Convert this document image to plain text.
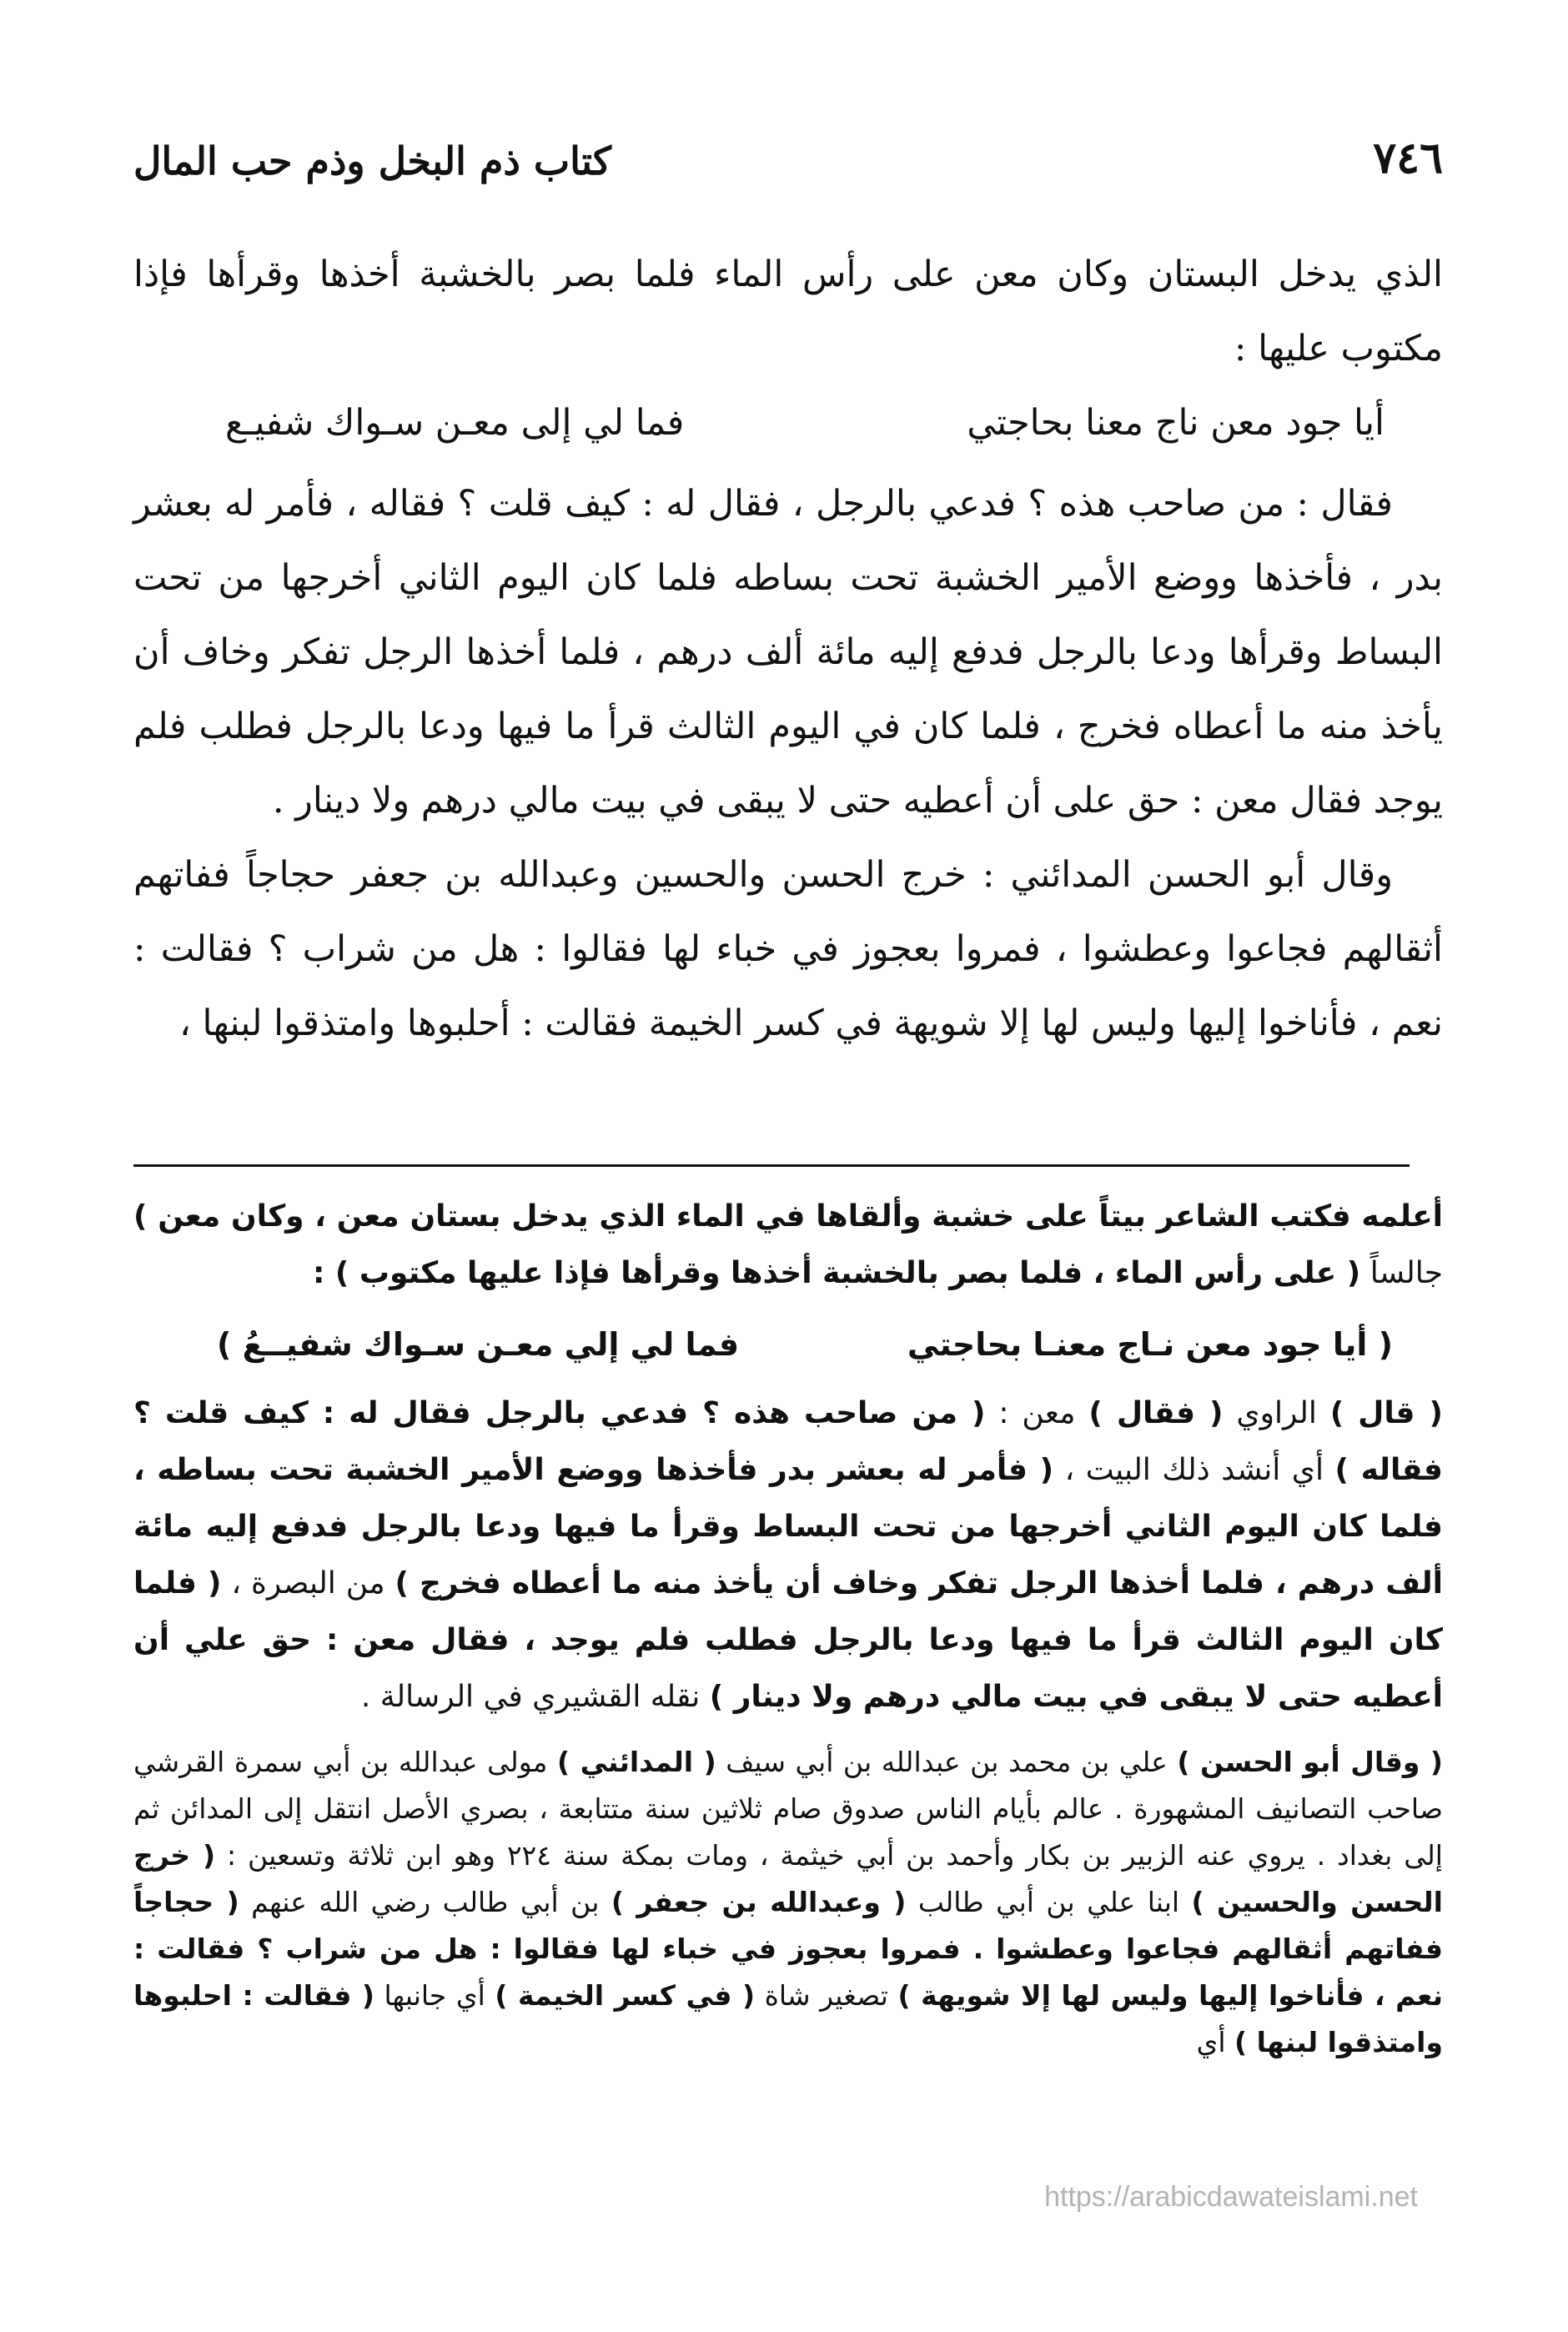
٧٤٦
كتاب ذم البخل وذم حب المال

الذي يدخل البستان وكان معن على رأس الماء فلما بصر بالخشبة أخذها وقرأها فإذا مكتوب عليها :

أيا جود معن ناج معنا بحاجتي
فما لي إلى معـن سـواك شفيـع

فقال : من صاحب هذه ؟ فدعي بالرجل ، فقال له : كيف قلت ؟ فقاله ، فأمر له بعشر بدر ، فأخذها ووضع الأمير الخشبة تحت بساطه فلما كان اليوم الثاني أخرجها من تحت البساط وقرأها ودعا بالرجل فدفع إليه مائة ألف درهم ، فلما أخذها الرجل تفكر وخاف أن يأخذ منه ما أعطاه فخرج ، فلما كان في اليوم الثالث قرأ ما فيها ودعا بالرجل فطلب فلم يوجد فقال معن : حق على أن أعطيه حتى لا يبقى في بيت مالي درهم ولا دينار .

وقال أبو الحسن المدائني : خرج الحسن والحسين وعبدالله بن جعفر حجاجاً ففاتهم أثقالهم فجاعوا وعطشوا ، فمروا بعجوز في خباء لها فقالوا : هل من شراب ؟ فقالت : نعم ، فأناخوا إليها وليس لها إلا شويهة في كسر الخيمة فقالت : أحلبوها وامتذقوا لبنها ،

أعلمه فكتب الشاعر بيتاً على خشبة وألقاها في الماء الذي يدخل بستان معن ، وكان معن ) جالساً ( على رأس الماء ، فلما بصر بالخشبة أخذها وقرأها فإذا عليها مكتوب ) :

( أيا جود معن نـاج معنـا بحاجتي
فما لي إلي معـن سـواك شفيــعُ )

( قال ) الراوي ( فقال ) معن : ( من صاحب هذه ؟ فدعي بالرجل فقال له : كيف قلت ؟ فقاله ) أي أنشد ذلك البيت ، ( فأمر له بعشر بدر فأخذها ووضع الأمير الخشبة تحت بساطه ، فلما كان اليوم الثاني أخرجها من تحت البساط وقرأ ما فيها ودعا بالرجل فدفع إليه مائة ألف درهم ، فلما أخذها الرجل تفكر وخاف أن يأخذ منه ما أعطاه فخرج ) من البصرة ، ( فلما كان اليوم الثالث قرأ ما فيها ودعا بالرجل فطلب فلم يوجد ، فقال معن : حق علي أن أعطيه حتى لا يبقى في بيت مالي درهم ولا دينار ) نقله القشيري في الرسالة .

( وقال أبو الحسن ) علي بن محمد بن عبدالله بن أبي سيف ( المدائني ) مولى عبدالله بن أبي سمرة القرشي صاحب التصانيف المشهورة . عالم بأيام الناس صدوق صام ثلاثين سنة متتابعة ، بصري الأصل انتقل إلى المدائن ثم إلى بغداد . يروي عنه الزبير بن بكار وأحمد بن أبي خيثمة ، ومات بمكة سنة ٢٢٤ وهو ابن ثلاثة وتسعين : ( خرج الحسن والحسين ) ابنا علي بن أبي طالب ( وعبدالله بن جعفر ) بن أبي طالب رضي الله عنهم ( حجاجاً ففاتهم أثقالهم فجاعوا وعطشوا . فمروا بعجوز في خباء لها فقالوا : هل من شراب ؟ فقالت : نعم ، فأناخوا إليها وليس لها إلا شويهة ) تصغير شاة ( في كسر الخيمة ) أي جانبها ( فقالت : احلبوها وامتذقوا لبنها ) أي

https://arabicdawateislami.net
